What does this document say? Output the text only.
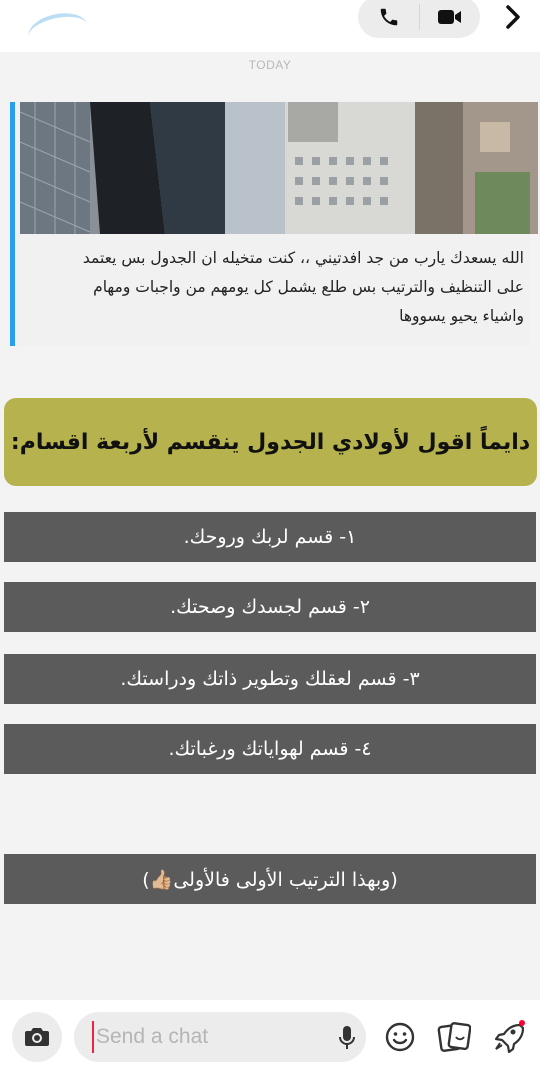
TODAY
الله يسعدك يارب من جد افدتيني ،، كنت متخيله ان الجدول بس يعتمد
على التنظيف والترتيب بس طلع يشمل كل يومهم من واجبات ومهام
واشياء يحيو يسووها
دايماً اقول لأولادي الجدول ينقسم لأربعة اقسام:
١- قسم لربك وروحك.
٢- قسم لجسدك وصحتك.
٣- قسم لعقلك وتطوير ذاتك ودراستك.
٤- قسم لهواياتك ورغباتك.
(وبهذا الترتيب الأولى فالأولى👍🏼)
Send a chat
